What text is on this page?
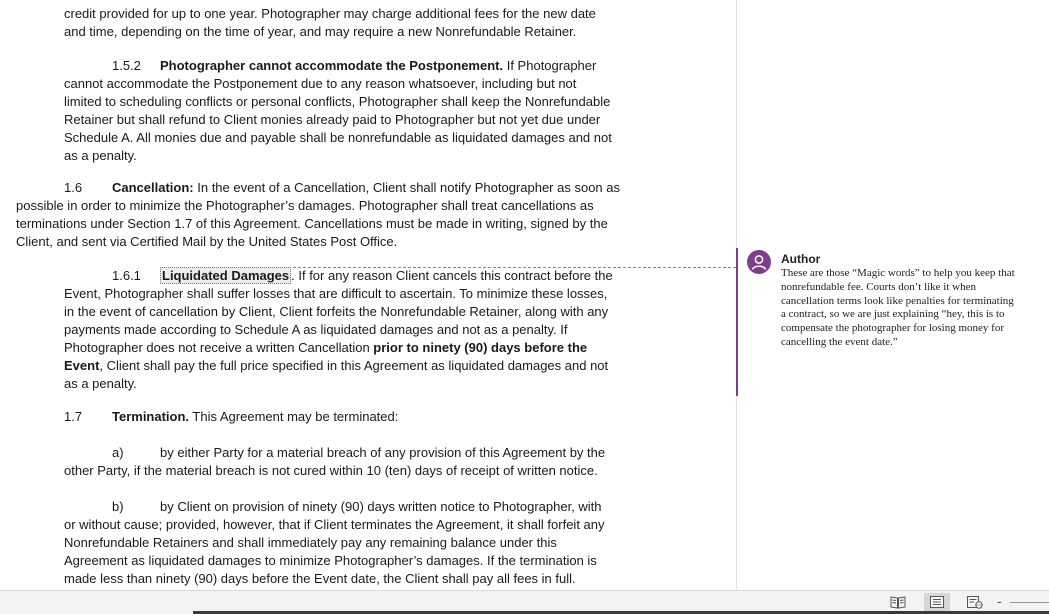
credit provided for up to one year. Photographer may charge additional fees for the new date
and time, depending on the time of year, and may require a new Nonrefundable Retainer.

1.5.2 Photographer cannot accommodate the Postponement. If Photographer
cannot accommodate the Postponement due to any reason whatsoever, including but not
limited to scheduling conflicts or personal conflicts, Photographer shall keep the Nonrefundable
Retainer but shall refund to Client monies already paid to Photographer but not yet due under
Schedule A. All monies due and payable shall be nonrefundable as liquidated damages and not
as a penalty.

1.6 Cancellation: In the event of a Cancellation, Client shall notify Photographer as soon as
possible in order to minimize the Photographer’s damages. Photographer shall treat cancellations as
terminations under Section 1.7 of this Agreement. Cancellations must be made in writing, signed by the
Client, and sent via Certified Mail by the United States Post Office.

1.6.1 Liquidated Damages . If for any reason Client cancels this contract before the
Event, Photographer shall suffer losses that are difficult to ascertain. To minimize these losses,
in the event of cancellation by Client, Client forfeits the Nonrefundable Retainer, along with any
payments made according to Schedule A as liquidated damages and not as a penalty. If
Photographer does not receive a written Cancellation prior to ninety (90) days before the
Event, Client shall pay the full price specified in this Agreement as liquidated damages and not
as a penalty.

1.7 Termination. This Agreement may be terminated:

a)	by either Party for a material breach of any provision of this Agreement by the
other Party, if the material breach is not cured within 10 (ten) days of receipt of written notice.

b)	by Client on provision of ninety (90) days written notice to Photographer, with
or without cause; provided, however, that if Client terminates the Agreement, it shall forfeit any
Nonrefundable Retainers and shall immediately pay any remaining balance under this
Agreement as liquidated damages to minimize Photographer’s damages. If the termination is
made less than ninety (90) days before the Event date, the Client shall pay all fees in full.

Author
These are those “Magic words” to help you keep that
nonrefundable fee. Courts don’t like it when
cancellation terms look like penalties for terminating
a contract, so we are just explaining “hey, this is to
compensate the photographer for losing money for
cancelling the event date.”
-
